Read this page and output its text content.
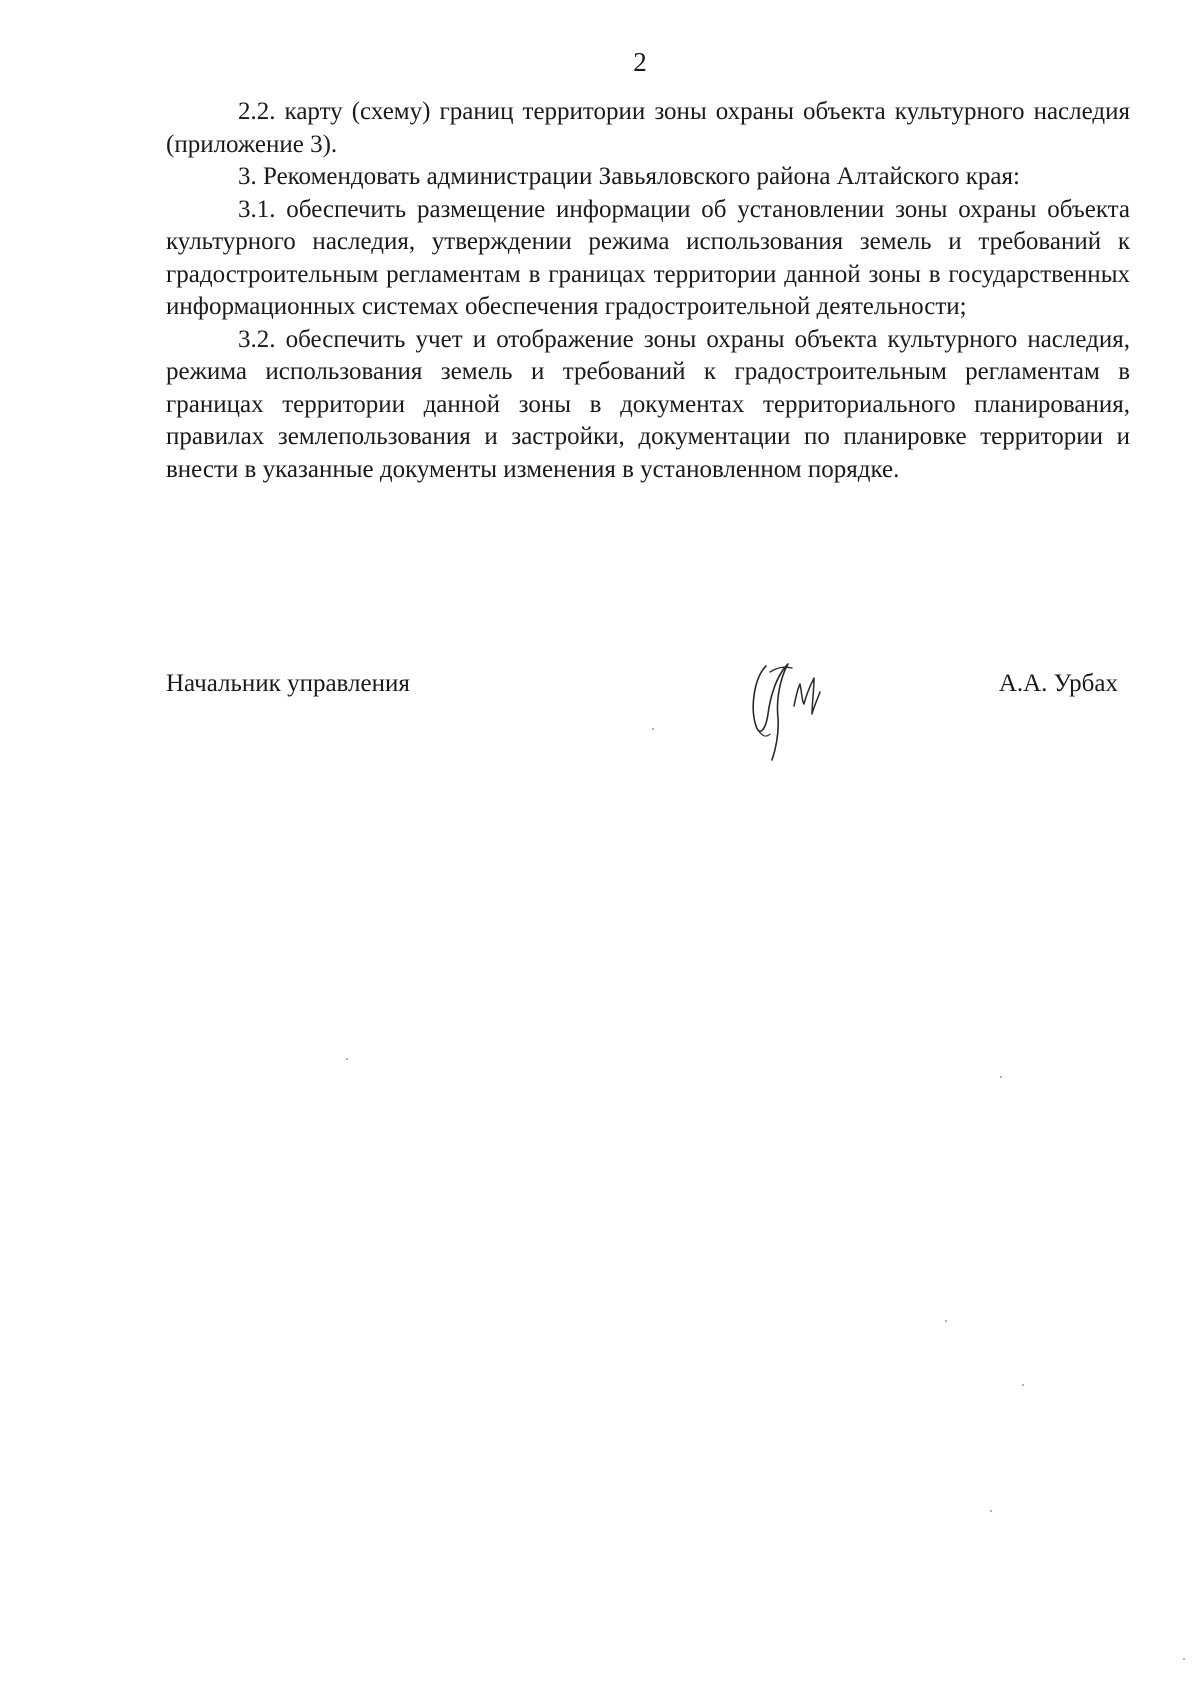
2

2.2. карту (схему) границ территории зоны охраны объекта культурного наследия (приложение 3).

3. Рекомендовать администрации Завьяловского района Алтайского края:

3.1. обеспечить размещение информации об установлении зоны охраны объекта культурного наследия, утверждении режима использования земель и требований к градостроительным регламентам в границах территории данной зоны в государственных информационных системах обеспечения градостроительной деятельности;

3.2. обеспечить учет и отображение зоны охраны объекта культурного наследия, режима использования земель и требований к градостроительным регламентам в границах территории данной зоны в документах территориального планирования, правилах землепользования и застройки, документации по планировке территории и внести в указанные документы изменения в установленном порядке.

Начальник управления	А.А. Урбах
